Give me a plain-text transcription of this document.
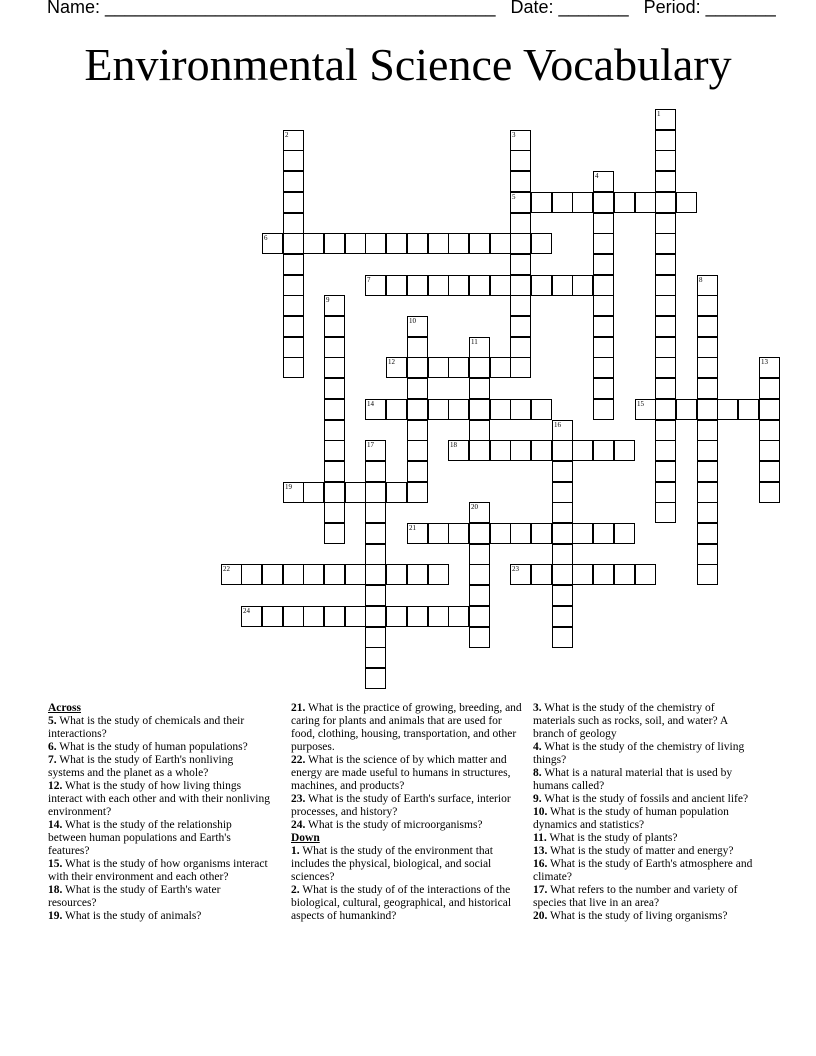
Name: _______________________________________ Date: _______ Period: _______
Environmental Science Vocabulary
1
2	3
5
4
6
7	8
9
10
11
12	13
14	15
16
17	18
19
20
21
22	23
24
Across

5. What is the study of chemicals and their interactions?

6. What is the study of human populations?

7. What is the study of Earth's nonliving systems and the planet as a whole?

12. What is the study of how living things interact with each other and with their nonliving environment?

14. What is the study of the relationship between human populations and Earth's features?

15. What is the study of how organisms interact with their environment and each other?

18. What is the study of Earth's water resources?

19. What is the study of animals?

21. What is the practice of growing, breeding, and caring for plants and animals that are used for food, clothing, housing, transportation, and other purposes.

22. What is the science of by which matter and energy are made useful to humans in structures, machines, and products?

23. What is the study of Earth's surface, interior processes, and history?

24. What is the study of microorganisms?

Down

1. What is the study of the environment that includes the physical, biological, and social sciences?

2. What is the study of of the interactions of the biological, cultural, geographical, and historical aspects of humankind?

3. What is the study of the chemistry of materials such as rocks, soil, and water? A branch of geology

4. What is the study of the chemistry of living things?

8. What is a natural material that is used by humans called?

9. What is the study of fossils and ancient life?

10. What is the study of human population dynamics and statistics?

11. What is the study of plants?

13. What is the study of matter and energy?

16. What is the study of Earth's atmosphere and climate?

17. What refers to the number and variety of species that live in an area?

20. What is the study of living organisms?
